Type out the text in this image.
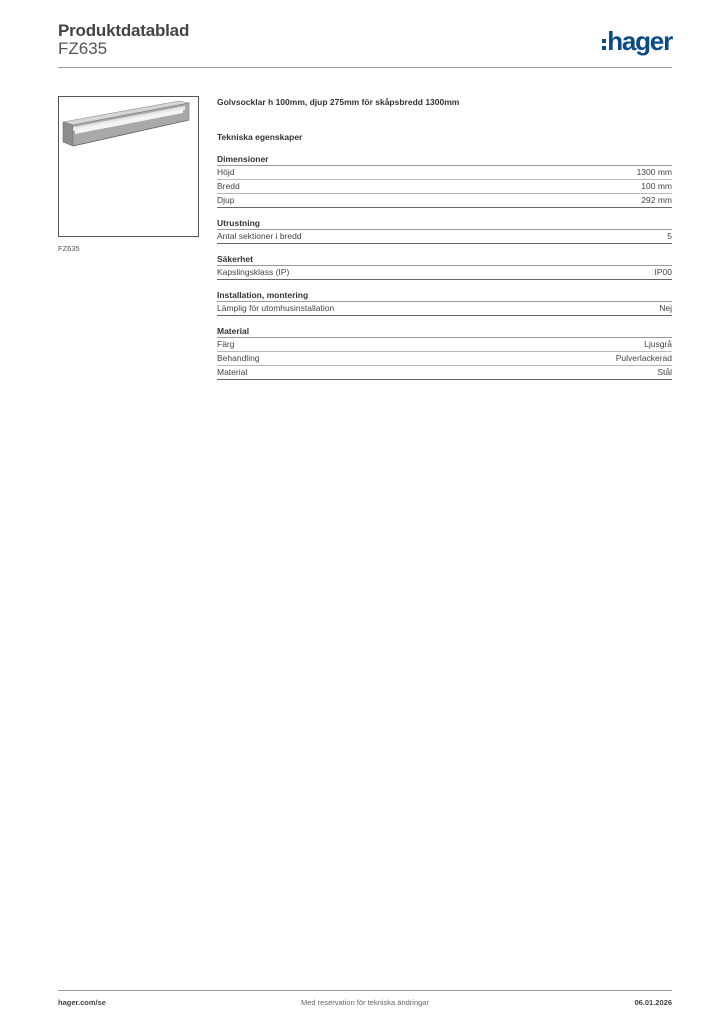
Produktdatablad
FZ635	hager
FZ635
Golvsocklar h 100mm, djup 275mm för skåpsbredd 1300mm
Tekniska egenskaper
Dimensioner
Höjd	1300 mm
Bredd	100 mm
Djup	292 mm
Utrustning
Antal sektioner i bredd	5
Säkerhet
Kapslingsklass (IP)	IP00
Installation, montering
Lämplig för utomhusinstallation	Nej
Material
Färg	Ljusgrå
Behandling	Pulverlackerad
Material	Stål
hager.com/se	Med reservation för tekniska ändringar	06.01.2026
